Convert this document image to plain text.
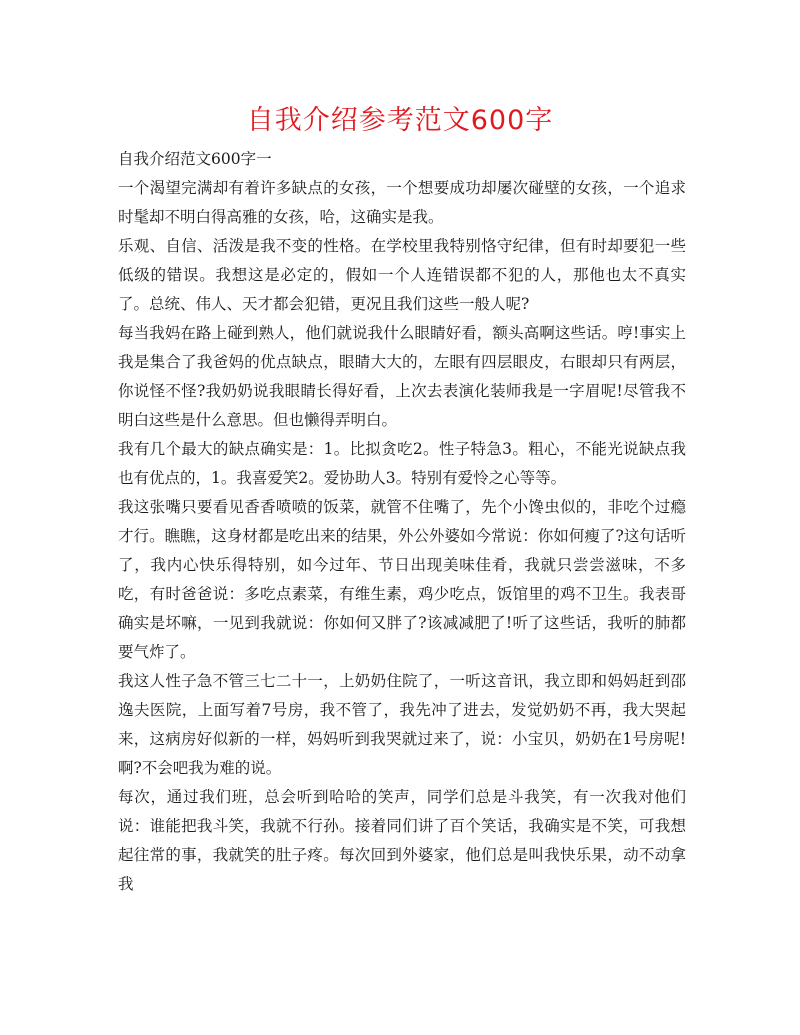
自我介绍参考范文600字

自我介绍范文600字一

一个渴望完满却有着许多缺点的女孩，一个想要成功却屡次碰壁的女孩，一个追求时髦却不明白得高雅的女孩，哈，这确实是我。

乐观、自信、活泼是我不变的性格。在学校里我特别恪守纪律，但有时却要犯一些低级的错误。我想这是必定的，假如一个人连错误都不犯的人，那他也太不真实了。总统、伟人、天才都会犯错，更况且我们这些一般人呢?

每当我妈在路上碰到熟人，他们就说我什么眼睛好看，额头高啊这些话。哼!事实上我是集合了我爸妈的优点缺点，眼睛大大的，左眼有四层眼皮，右眼却只有两层，你说怪不怪?我奶奶说我眼睛长得好看，上次去表演化装师我是一字眉呢!尽管我不明白这些是什么意思。但也懒得弄明白。

我有几个最大的缺点确实是：1。比拟贪吃2。性子特急3。粗心，不能光说缺点我也有优点的，1。我喜爱笑2。爱协助人3。特别有爱怜之心等等。

我这张嘴只要看见香香喷喷的饭菜，就管不住嘴了，先个小馋虫似的，非吃个过瘾才行。瞧瞧，这身材都是吃出来的结果，外公外婆如今常说：你如何瘦了?这句话听了，我内心快乐得特别，如今过年、节日出现美味佳肴，我就只尝尝滋味，不多吃，有时爸爸说：多吃点素菜，有维生素，鸡少吃点，饭馆里的鸡不卫生。我表哥确实是坏嘛，一见到我就说：你如何又胖了?该减减肥了!听了这些话，我听的肺都要气炸了。

我这人性子急不管三七二十一，上奶奶住院了，一听这音讯，我立即和妈妈赶到邵逸夫医院，上面写着7号房，我不管了，我先冲了进去，发觉奶奶不再，我大哭起来，这病房好似新的一样，妈妈听到我哭就过来了，说：小宝贝，奶奶在1号房呢!啊?不会吧我为难的说。

每次，通过我们班，总会听到哈哈的笑声，同学们总是斗我笑，有一次我对他们说：谁能把我斗笑，我就不行孙。接着同们讲了百个笑话，我确实是不笑，可我想起往常的事，我就笑的肚子疼。每次回到外婆家，他们总是叫我快乐果，动不动拿我
